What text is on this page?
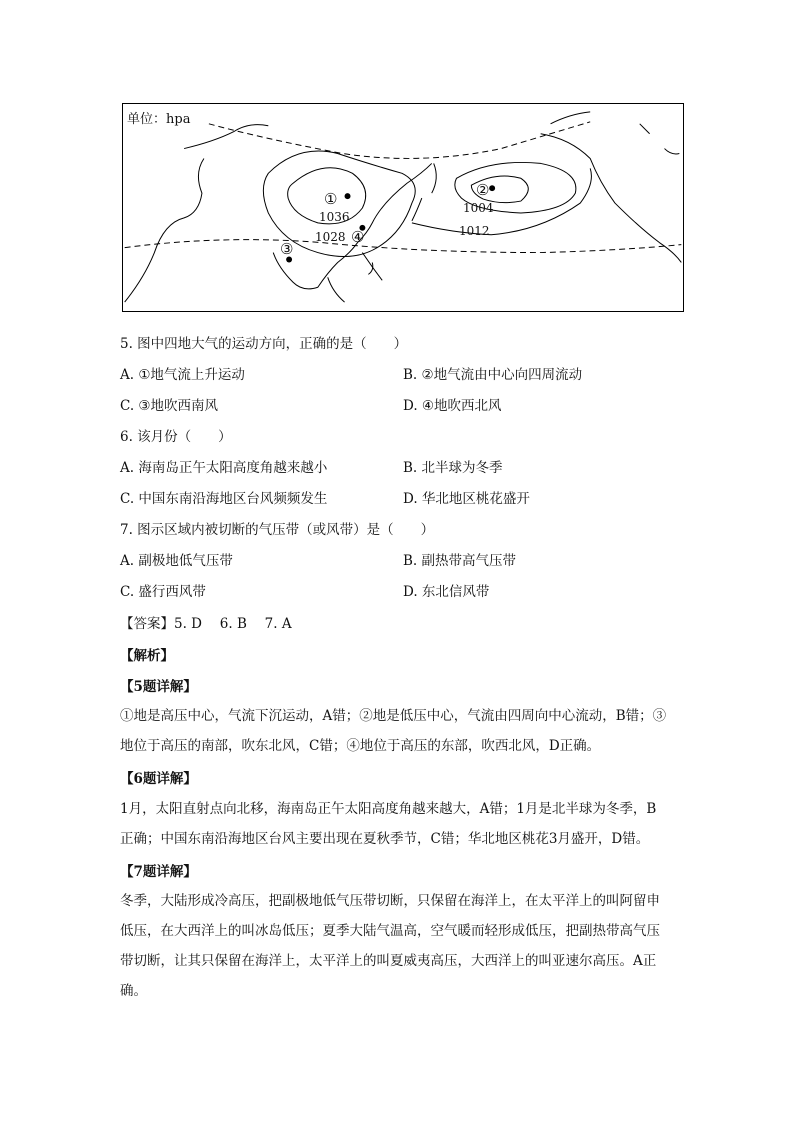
单位：hpa
①	②
③
④
1036
1028
1004
1012
5. 图中四地大气的运动方向，正确的是（　　）
A. ①地气流上升运动	B. ②地气流由中心向四周流动
C. ③地吹西南风	D. ④地吹西北风
6. 该月份（　　）
A. 海南岛正午太阳高度角越来越小	B. 北半球为冬季
C. 中国东南沿海地区台风频频发生	D. 华北地区桃花盛开
7. 图示区域内被切断的气压带（或风带）是（　　）
A. 副极地低气压带	B. 副热带高气压带
C. 盛行西风带	D. 东北信风带
【答案】5. D　 6. B　 7. A
【解析】
【5题详解】
①地是高压中心，气流下沉运动，A错；②地是低压中心，气流由四周向中心流动，B错；③
地位于高压的南部，吹东北风，C错；④地位于高压的东部，吹西北风，D正确。
【6题详解】
1月，太阳直射点向北移，海南岛正午太阳高度角越来越大，A错；1月是北半球为冬季，B
正确；中国东南沿海地区台风主要出现在夏秋季节，C错；华北地区桃花3月盛开，D错。
【7题详解】
冬季，大陆形成冷高压，把副极地低气压带切断，只保留在海洋上，在太平洋上的叫阿留申
低压，在大西洋上的叫冰岛低压；夏季大陆气温高，空气暖而轻形成低压，把副热带高气压
带切断，让其只保留在海洋上，太平洋上的叫夏威夷高压，大西洋上的叫亚速尔高压。A正
确。
